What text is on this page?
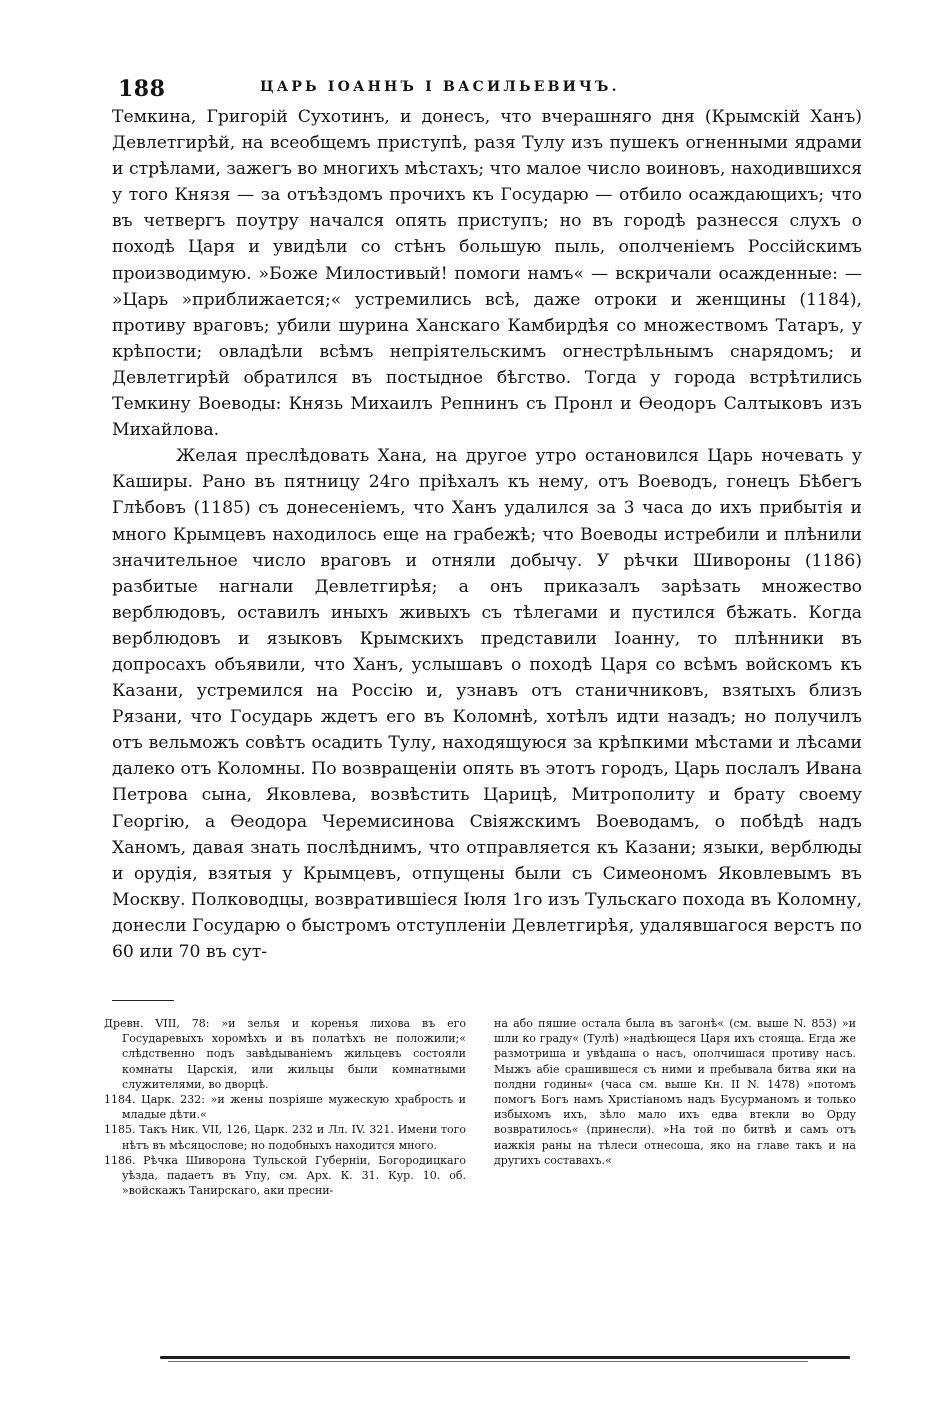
188	ЦАРЬ ІОАННЪ І ВАСИЛЬЕВИЧЪ.

Темкина, Григорій Сухотинъ, и донесъ, что вчерашняго дня (Крымскій Ханъ) Девлетгирѣй, на всеобщемъ приступѣ, разя Тулу изъ пушекъ огненными ядрами и стрѣлами, зажегъ во многихъ мѣстахъ; что малое число воиновъ, находившихся у того Князя — за отъѣздомъ прочихъ къ Государю — отбило осаждающихъ; что въ четвергъ поутру начался опять приступъ; но въ городѣ разнесся слухъ о походѣ Царя и увидѣли со стѣнъ большую пыль, ополченіемъ Россійскимъ производимую. »Боже Милостивый! помоги намъ« — вскричали осажденные: — »Царь »приближается;« устремились всѣ, даже отроки и женщины (1184), противу враговъ; убили шурина Ханскаго Камбирдѣя со множествомъ Татаръ, у крѣпости; овладѣли всѣмъ непріятельскимъ огнестрѣльнымъ снарядомъ; и Девлетгирѣй обратился въ постыдное бѣгство. Тогда у города встрѣтились Темкину Воеводы: Князь Михаилъ Репнинъ съ Пронл и Ѳеодоръ Салтыковъ изъ Михайлова.

Желая преслѣдовать Хана, на другое утро остановился Царь ночевать у Каширы. Рано въ пятницу 24го пріѣхалъ къ нему, отъ Воеводъ, гонецъ Бѣбегъ Глѣбовъ (1185) съ донесеніемъ, что Ханъ удалился за 3 часа до ихъ прибытія и много Крымцевъ находилось еще на грабежѣ; что Воеводы истребили и плѣнили значительное число враговъ и отняли добычу. У рѣчки Шивороны (1186) разбитые нагнали Девлетгирѣя; а онъ приказалъ зарѣзать множество верблюдовъ, оставилъ иныхъ живыхъ съ тѣлегами и пустился бѣжать. Когда верблюдовъ и языковъ Крымскихъ представили Іоанну, то плѣнники въ допросахъ объявили, что Ханъ, услышавъ о походѣ Царя со всѣмъ войскомъ къ Казани, устремился на Россію и, узнавъ отъ станичниковъ, взятыхъ близъ Рязани, что Государь ждетъ его въ Коломнѣ, хотѣлъ идти назадъ; но получилъ отъ вельможъ совѣтъ осадить Тулу, находящуюся за крѣпкими мѣстами и лѣсами далеко отъ Коломны. По возвращеніи опять въ этотъ городъ, Царь послалъ Ивана Петрова сына, Яковлева, возвѣстить Царицѣ, Митрополиту и брату своему Георгію, а Ѳеодора Черемисинова Свіяжскимъ Воеводамъ, о побѣдѣ надъ Ханомъ, давая знать послѣднимъ, что отправляется къ Казани; языки, верблюды и орудія, взятыя у Крымцевъ, отпущены были съ Симеономъ Яковлевымъ въ Москву. Полководцы, возвратившіеся Іюля 1го изъ Тульскаго похода въ Коломну, донесли Государю о быстромъ отступленіи Девлетгирѣя, удалявшагося верстъ по 60 или 70 въ сут-

Древн. VIII, 78: »и зелья и коренья лихова въ его Государевыхъ хоромѣхъ и въ полатѣхъ не положили;« слѣдственно подъ завѣдываніемъ жильцевъ состояли комнаты Царскія, или жильцы были комнатными служителями, во дворцѣ.

1184. Царк. 232: »и жены позріяше мужескую храбрость и младые дѣти.«

1185. Такъ Ник. VII, 126, Царк. 232 и Лл. IV. 321. Имени того нѣтъ въ мѣсяцослове; но подобныхъ находится много.

1186. Рѣчка Шиворона Тульской Губерніи, Богородицкаго уѣзда, падаетъ въ Упу, см. Арх. К. 31. Кур. 10. об. »войскажъ Танирскаго, аки пресни-

на або пяшие остала была въ загонѣ« (см. выше N. 853) »и шли ко граду« (Тулѣ) »надѣющеся Царя ихъ стояща. Егда же размотриша и увѣдаша о насъ, ополчишася противу насъ. Мыжъ абіе срашившеся съ ними и пребывала битва яки на полдни годины« (часа см. выше Кн. II N. 1478) »потомъ помогъ Богъ намъ Христіаномъ надъ Бусурманомъ и только избыхомъ ихъ, зѣло мало ихъ едва втекли во Орду возвратилось« (принесли). »На той по битвѣ и самъ отъ иажкія раны на тѣлеси отнесоша, яко на главе такъ и на другихъ составахъ.«
